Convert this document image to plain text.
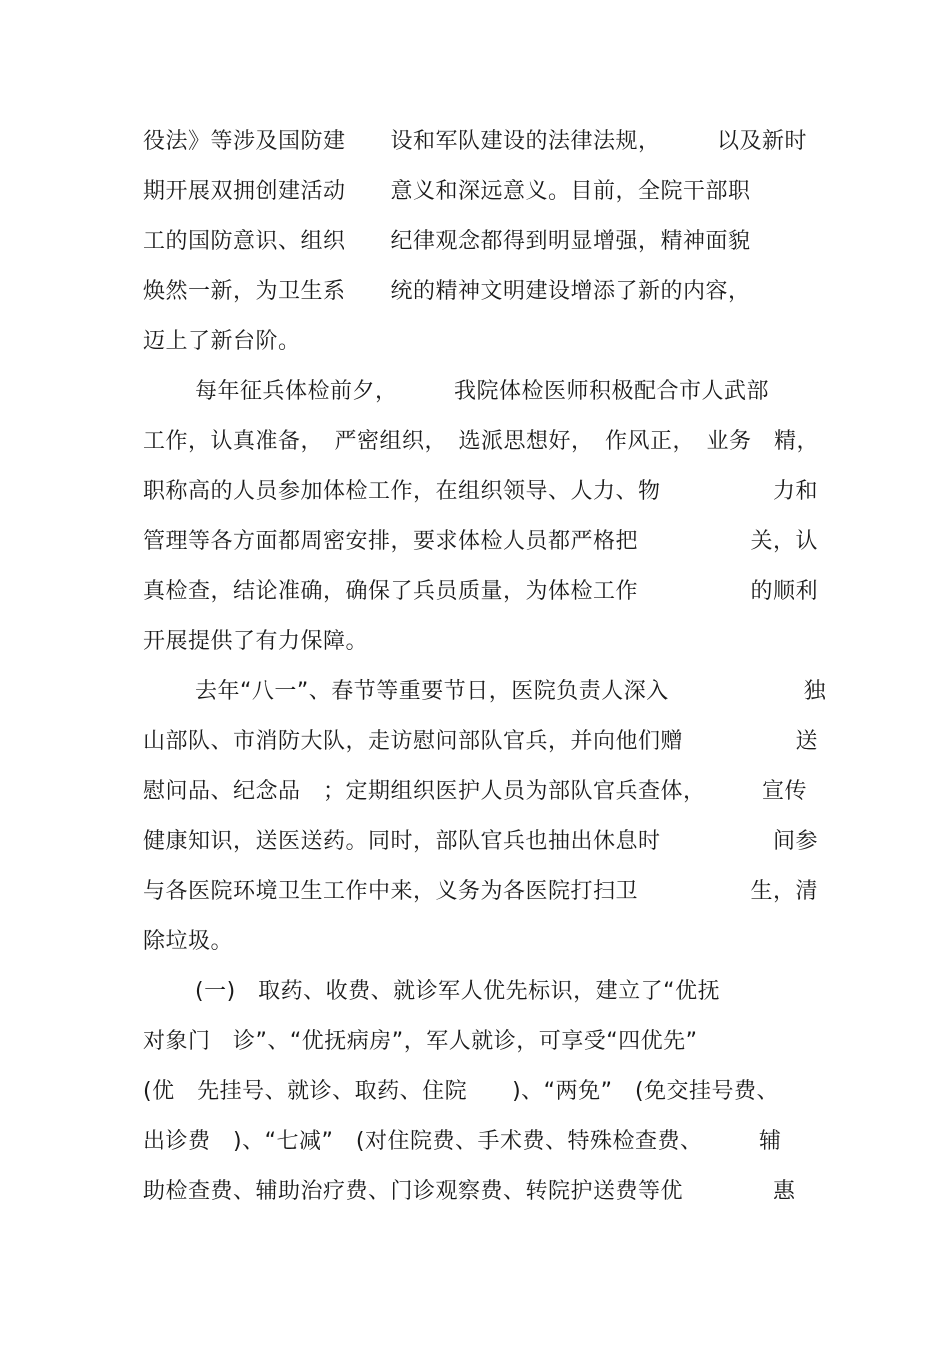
役法》等涉及国防建　　设和军队建设的法律法规，　　　以及新时
期开展双拥创建活动　　意义和深远意义。目前，全院干部职
工的国防意识、组织　　纪律观念都得到明显增强，精神面貌
焕然一新，为卫生系　　统的精神文明建设增添了新的内容，
迈上了新台阶。
每年征兵体检前夕，　　　我院体检医师积极配合市人武部
工作，认真准备，　严密组织，　选派思想好，　作风正，　业务　精，
职称高的人员参加体检工作，在组织领导、人力、物　　　　　力和
管理等各方面都周密安排，要求体检人员都严格把　　　　　关，认
真检查，结论准确，确保了兵员质量，为体检工作　　　　　的顺利
开展提供了有力保障。
去年“八一”、春节等重要节日，医院负责人深入　　　　　　独
山部队、市消防大队，走访慰问部队官兵，并向他们赠　　　　　送
慰问品、纪念品　；定期组织医护人员为部队官兵查体，　　　宣传
健康知识，送医送药。同时，部队官兵也抽出休息时　　　　　间参
与各医院环境卫生工作中来，义务为各医院打扫卫　　　　　生，清
除垃圾。
(一)　取药、收费、就诊军人优先标识，建立了“优抚
对象门　诊”、“优抚病房”，军人就诊，可享受“四优先”
(优　先挂号、就诊、取药、住院　　)、“两免”　(免交挂号费、
出诊费　)、“七减”　(对住院费、手术费、特殊检查费、　　　辅
助检查费、辅助治疗费、门诊观察费、转院护送费等优　　　　惠
